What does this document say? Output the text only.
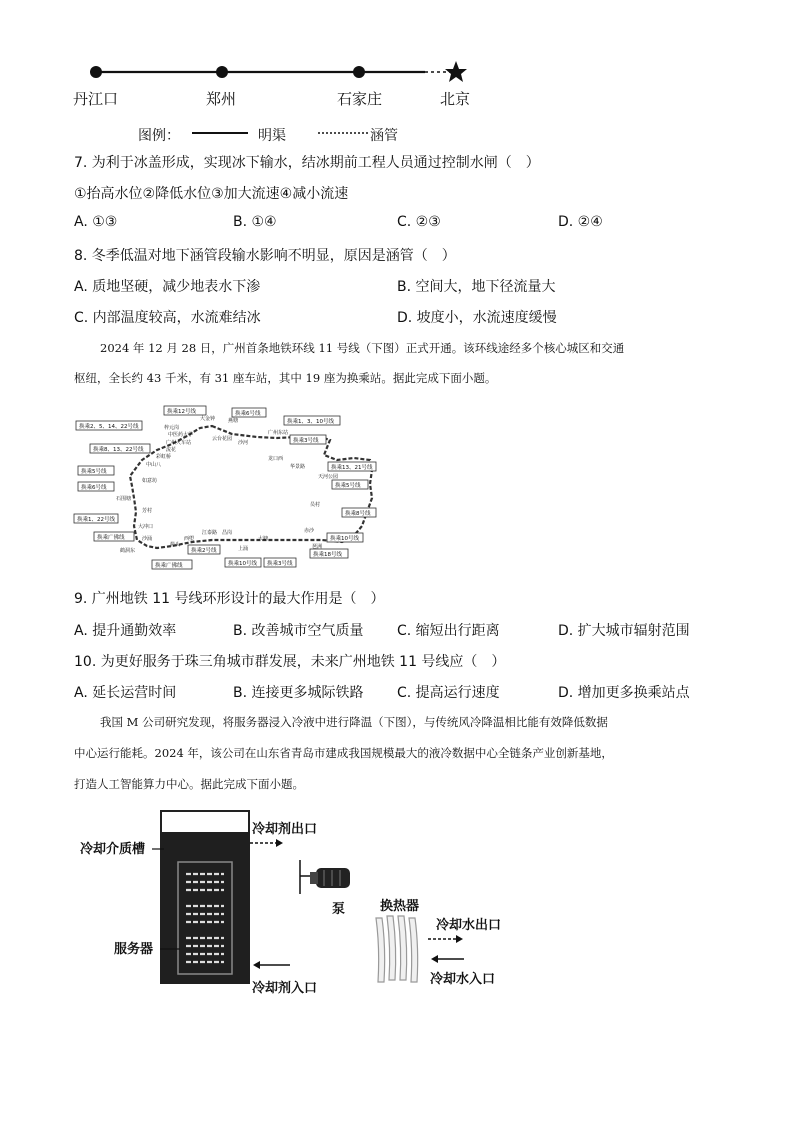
丹江口	郑州	石家庄	北京
图例：	明渠	涵管
7. 为利于冰盖形成，实现冰下输水，结冰期前工程人员通过控制水闸（　）
①抬高水位②降低水位③加大流速④减小流速
A. ①③	B. ①④	C. ②③	D. ②④
8. 冬季低温对地下涵管段输水影响不明显，原因是涵管（　）
A. 质地坚硬，减少地表水下渗	B. 空间大，地下径流量大
C. 内部温度较高，水流难结冰	D. 坡度小，水流速度缓慢
2024 年 12 月 28 日，广州首条地铁环线 11 号线（下图）正式开通。该环线途经多个核心城区和交通
枢纽，全长约 43 千米，有 31 座车站，其中 19 座为换乘站。据此完成下面小题。
换乘12号线	换乘6号线
换乘1、3、10号线
换乘2、5、14、22号线
换乘3号线
换乘8、13、22号线
换乘13、21号线
换乘5号线
换乘6号线	换乘5号线
换乘1、22号线
换乘8号线
换乘广佛线	换乘10号线
换乘18号线
换乘2号线
换乘10号线 换乘3号线
换乘广佛线
大金钟
中医药大学
梓元岗
广州火车站
流花
彩虹桥
中山八
如意坊
石围塘
芳村
大冲口
沙涌
鹤洞东
槎头
西塱
江泰路 昌岗
上涌
大塘
赤沙
员村
天河公园
华景路
龙口西
广州东站
沙河
云台花园
琶洲
燕塘
9. 广州地铁 11 号线环形设计的最大作用是（　）
A. 提升通勤效率	B. 改善城市空气质量 C. 缩短出行距离	D. 扩大城市辐射范围
10. 为更好服务于珠三角城市群发展，未来广州地铁 11 号线应（　）
A. 延长运营时间	B. 连接更多城际铁路 C. 提高运行速度	D. 增加更多换乘站点
我国 M 公司研究发现，将服务器浸入冷液中进行降温（下图），与传统风冷降温相比能有效降低数据
中心运行能耗。2024 年，该公司在山东省青岛市建成我国规模最大的液冷数据中心全链条产业创新基地，
打造人工智能算力中心。据此完成下面小题。
冷却介质槽
服务器
冷却剂出口
冷却剂入口
泵	换热器
冷却水出口
冷却水入口
